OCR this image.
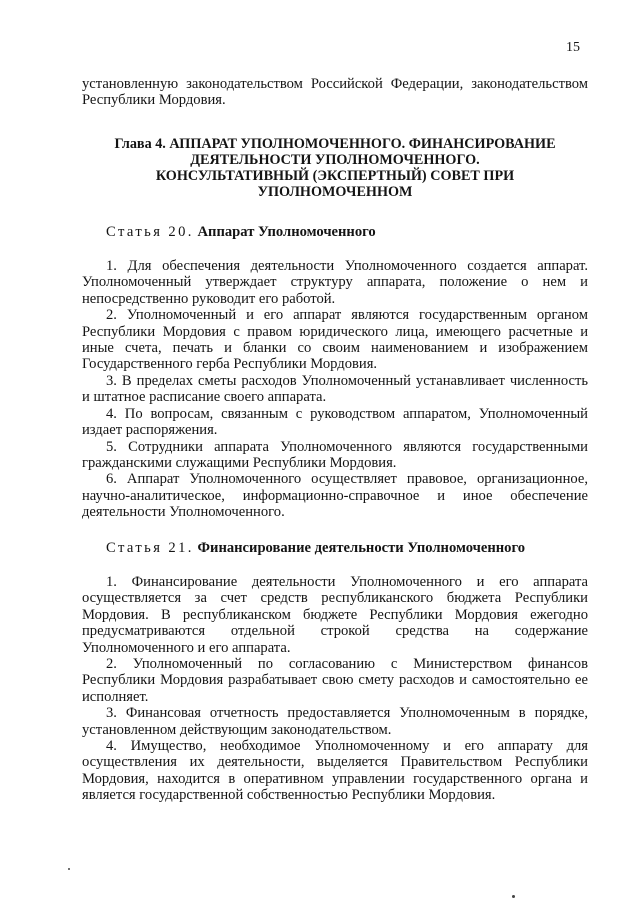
15

установленную законодательством Российской Федерации, законодательством Республики Мордовия.

Глава 4. АППАРАТ УПОЛНОМОЧЕННОГО. ФИНАНСИРОВАНИЕ ДЕЯТЕЛЬНОСТИ УПОЛНОМОЧЕННОГО. КОНСУЛЬТАТИВНЫЙ (ЭКСПЕРТНЫЙ) СОВЕТ ПРИ УПОЛНОМОЧЕННОМ
Статья 20. Аппарат Уполномоченного

1. Для обеспечения деятельности Уполномоченного создается аппарат. Уполномоченный утверждает структуру аппарата, положение о нем и непосредственно руководит его работой.

2. Уполномоченный и его аппарат являются государственным органом Республики Мордовия с правом юридического лица, имеющего расчетные и иные счета, печать и бланки со своим наименованием и изображением Государственного герба Республики Мордовия.

3. В пределах сметы расходов Уполномоченный устанавливает численность и штатное расписание своего аппарата.

4. По вопросам, связанным с руководством аппаратом, Уполномоченный издает распоряжения.

5. Сотрудники аппарата Уполномоченного являются государственными гражданскими служащими Республики Мордовия.

6. Аппарат Уполномоченного осуществляет правовое, организационное, научно-аналитическое, информационно-справочное и иное обеспечение деятельности Уполномоченного.

Статья 21. Финансирование деятельности Уполномоченного

1. Финансирование деятельности Уполномоченного и его аппарата осуществляется за счет средств республиканского бюджета Республики Мордовия. В республиканском бюджете Республики Мордовия ежегодно предусматриваются отдельной строкой средства на содержание Уполномоченного и его аппарата.

2. Уполномоченный по согласованию с Министерством финансов Республики Мордовия разрабатывает свою смету расходов и самостоятельно ее исполняет.

3. Финансовая отчетность предоставляется Уполномоченным в порядке, установленном действующим законодательством.

4. Имущество, необходимое Уполномоченному и его аппарату для осуществления их деятельности, выделяется Правительством Республики Мордовия, находится в оперативном управлении государственного органа и является государственной собственностью Республики Мордовия.
